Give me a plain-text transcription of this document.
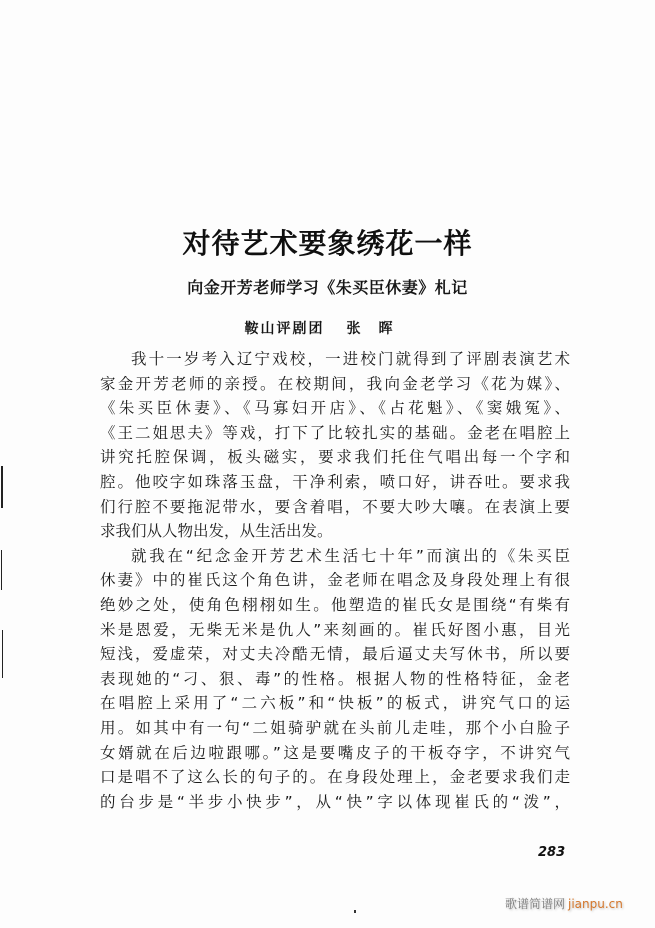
对待艺术要象绣花一样
向金开芳老师学习《朱买臣休妻》札记
鞍山评剧团 张晖
我十一岁考入辽宁戏校，一进校门就得到了评剧表演艺术
家金开芳老师的亲授。在校期间，我向金老学习《花为媒》、
《朱买臣休妻》、《马寡妇开店》、《占花魁》、《窦娥冤》、
《王二姐思夫》等戏，打下了比较扎实的基础。金老在唱腔上
讲究托腔保调，板头磁实，要求我们托住气唱出每一个字和
腔。他咬字如珠落玉盘，干净利索，喷口好，讲吞吐。要求我
们行腔不要拖泥带水，要含着唱，不要大吵大嚷。在表演上要
求我们从人物出发，从生活出发。
就我在“纪念金开芳艺术生活七十年”而演出的《朱买臣
休妻》中的崔氏这个角色讲，金老师在唱念及身段处理上有很
绝妙之处，使角色栩栩如生。他塑造的崔氏女是围绕“有柴有
米是恩爱，无柴无米是仇人”来刻画的。崔氏好图小惠，目光
短浅，爱虚荣，对丈夫冷酷无情，最后逼丈夫写休书，所以要
表现她的“刁、狠、毒”的性格。根据人物的性格特征，金老
在唱腔上采用了“二六板”和“快板”的板式，讲究气口的运
用。如其中有一句“二姐骑驴就在头前儿走哇，那个小白脸子
女婿就在后边啦跟哪。”这是要嘴皮子的干板夺字，不讲究气
口是唱不了这么长的句子的。在身段处理上，金老要求我们走
的台步是“半步小快步”，从“快”字以体现崔氏的“泼”，
283
歌谱简谱网 jianpu.cn
